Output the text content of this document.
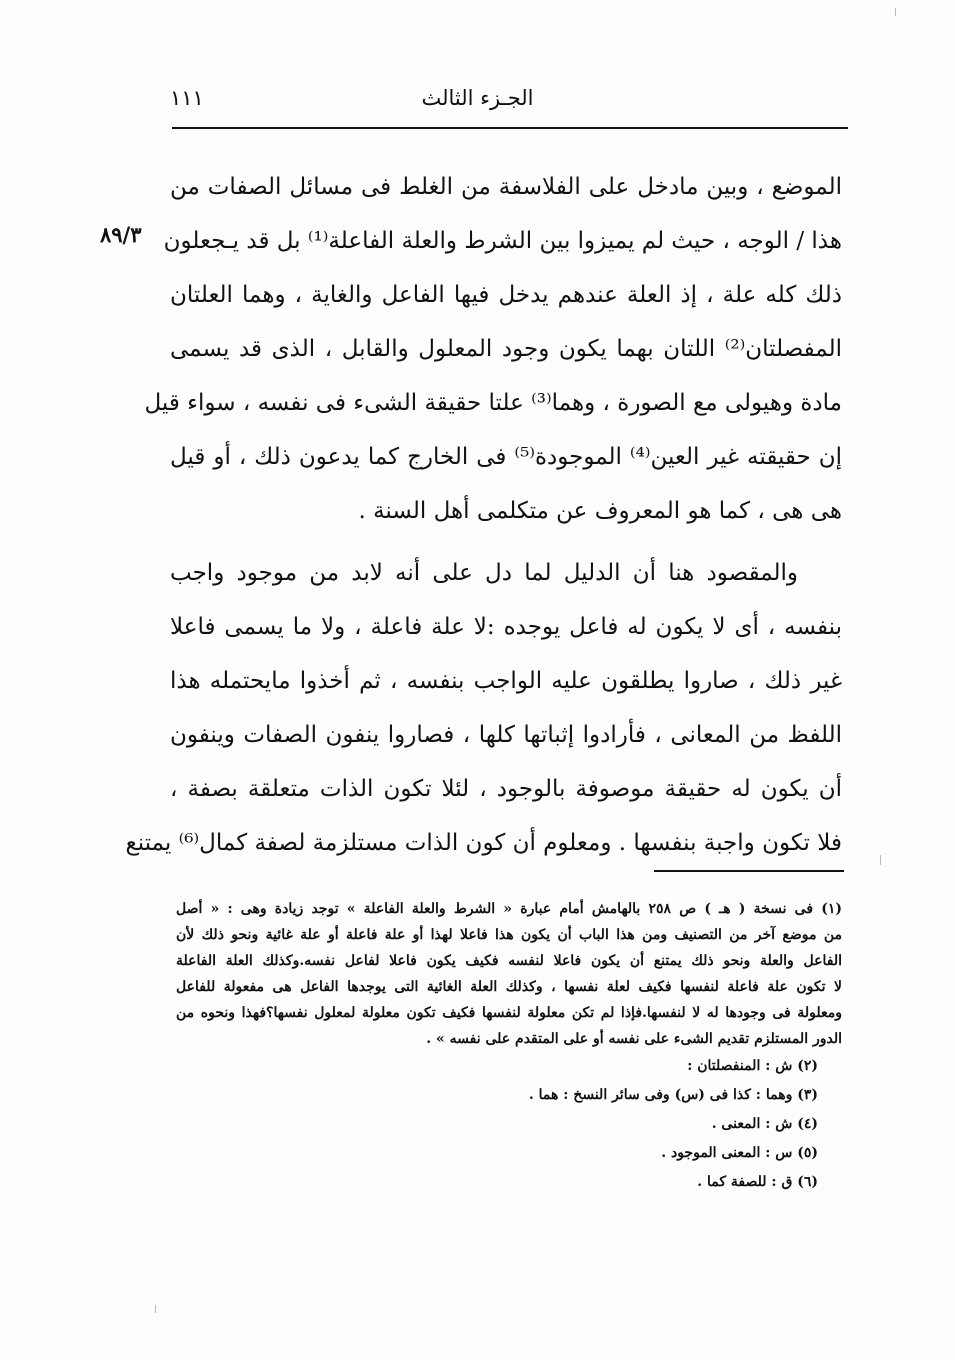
الجـزء الثالث
١١١
٨٩/٣
الموضع ، وبين مادخل على الفلاسفة من الغلط فى مسائل الصفات من
هذا / الوجه ، حيث لم يميزوا بين الشرط والعلة الفاعلة⁽¹⁾ بل قد يـجعلون
ذلك كله علة ، إذ العلة عندهم يدخل فيها الفاعل والغاية ، وهما العلتان
المفصلتان⁽²⁾ اللتان بهما يكون وجود المعلول والقابل ، الذى قد يسمى
مادة وهيولى مع الصورة ، وهما⁽³⁾ علتا حقيقة الشىء فى نفسه ، سواء قيل
إن حقيقته غير العين⁽⁴⁾ الموجودة⁽⁵⁾ فى الخارج كما يدعون ذلك ، أو قيل
هى هى ، كما هو المعروف عن متكلمى أهل السنة .
والمقصود هنا أن الدليل لما دل على أنه لابد من موجود واجب
بنفسه ، أى لا يكون له فاعل يوجده :لا علة فاعلة ، ولا ما يسمى فاعلا
غير ذلك ، صاروا يطلقون عليه الواجب بنفسه ، ثم أخذوا مايحتمله هذا
اللفظ من المعانى ، فأرادوا إثباتها كلها ، فصاروا ينفون الصفات وينفون
أن يكون له حقيقة موصوفة بالوجود ، لئلا تكون الذات متعلقة بصفة ،
فلا تكون واجبة بنفسها . ومعلوم أن كون الذات مستلزمة لصفة كمال⁽⁶⁾ يمتنع
(١) فى نسخة ( هـ ) ص ٢٥٨ بالهامش أمام عبارة « الشرط والعلة الفاعلة » توجد زيادة وهى : « أصل
من موضع آخر من التصنيف ومن هذا الباب أن يكون هذا فاعلا لهذا أو علة فاعلة أو علة غائية ونحو ذلك لأن
الفاعل والعلة ونحو ذلك يمتنع أن يكون فاعلا لنفسه فكيف يكون فاعلا لفاعل نفسه.وكذلك العلة الفاعلة
لا تكون علة فاعلة لنفسها فكيف لعلة نفسها ، وكذلك العلة الغائية التى يوجدها الفاعل هى مفعولة للفاعل
ومعلولة فى وجودها له لا لنفسها.فإذا لم تكن معلولة لنفسها فكيف تكون معلولة لمعلول نفسها؟فهذا ونحوه من
الدور المستلزم تقديم الشىء على نفسه أو على المتقدم على نفسه » .
(٢) ش : المنفصلتان :
(٣) وهما : كذا فى (س) وفى سائر النسخ : هما .
(٤) ش : المعنى .
(٥) س : المعنى الموجود .
(٦) ق : للصفة كما .
